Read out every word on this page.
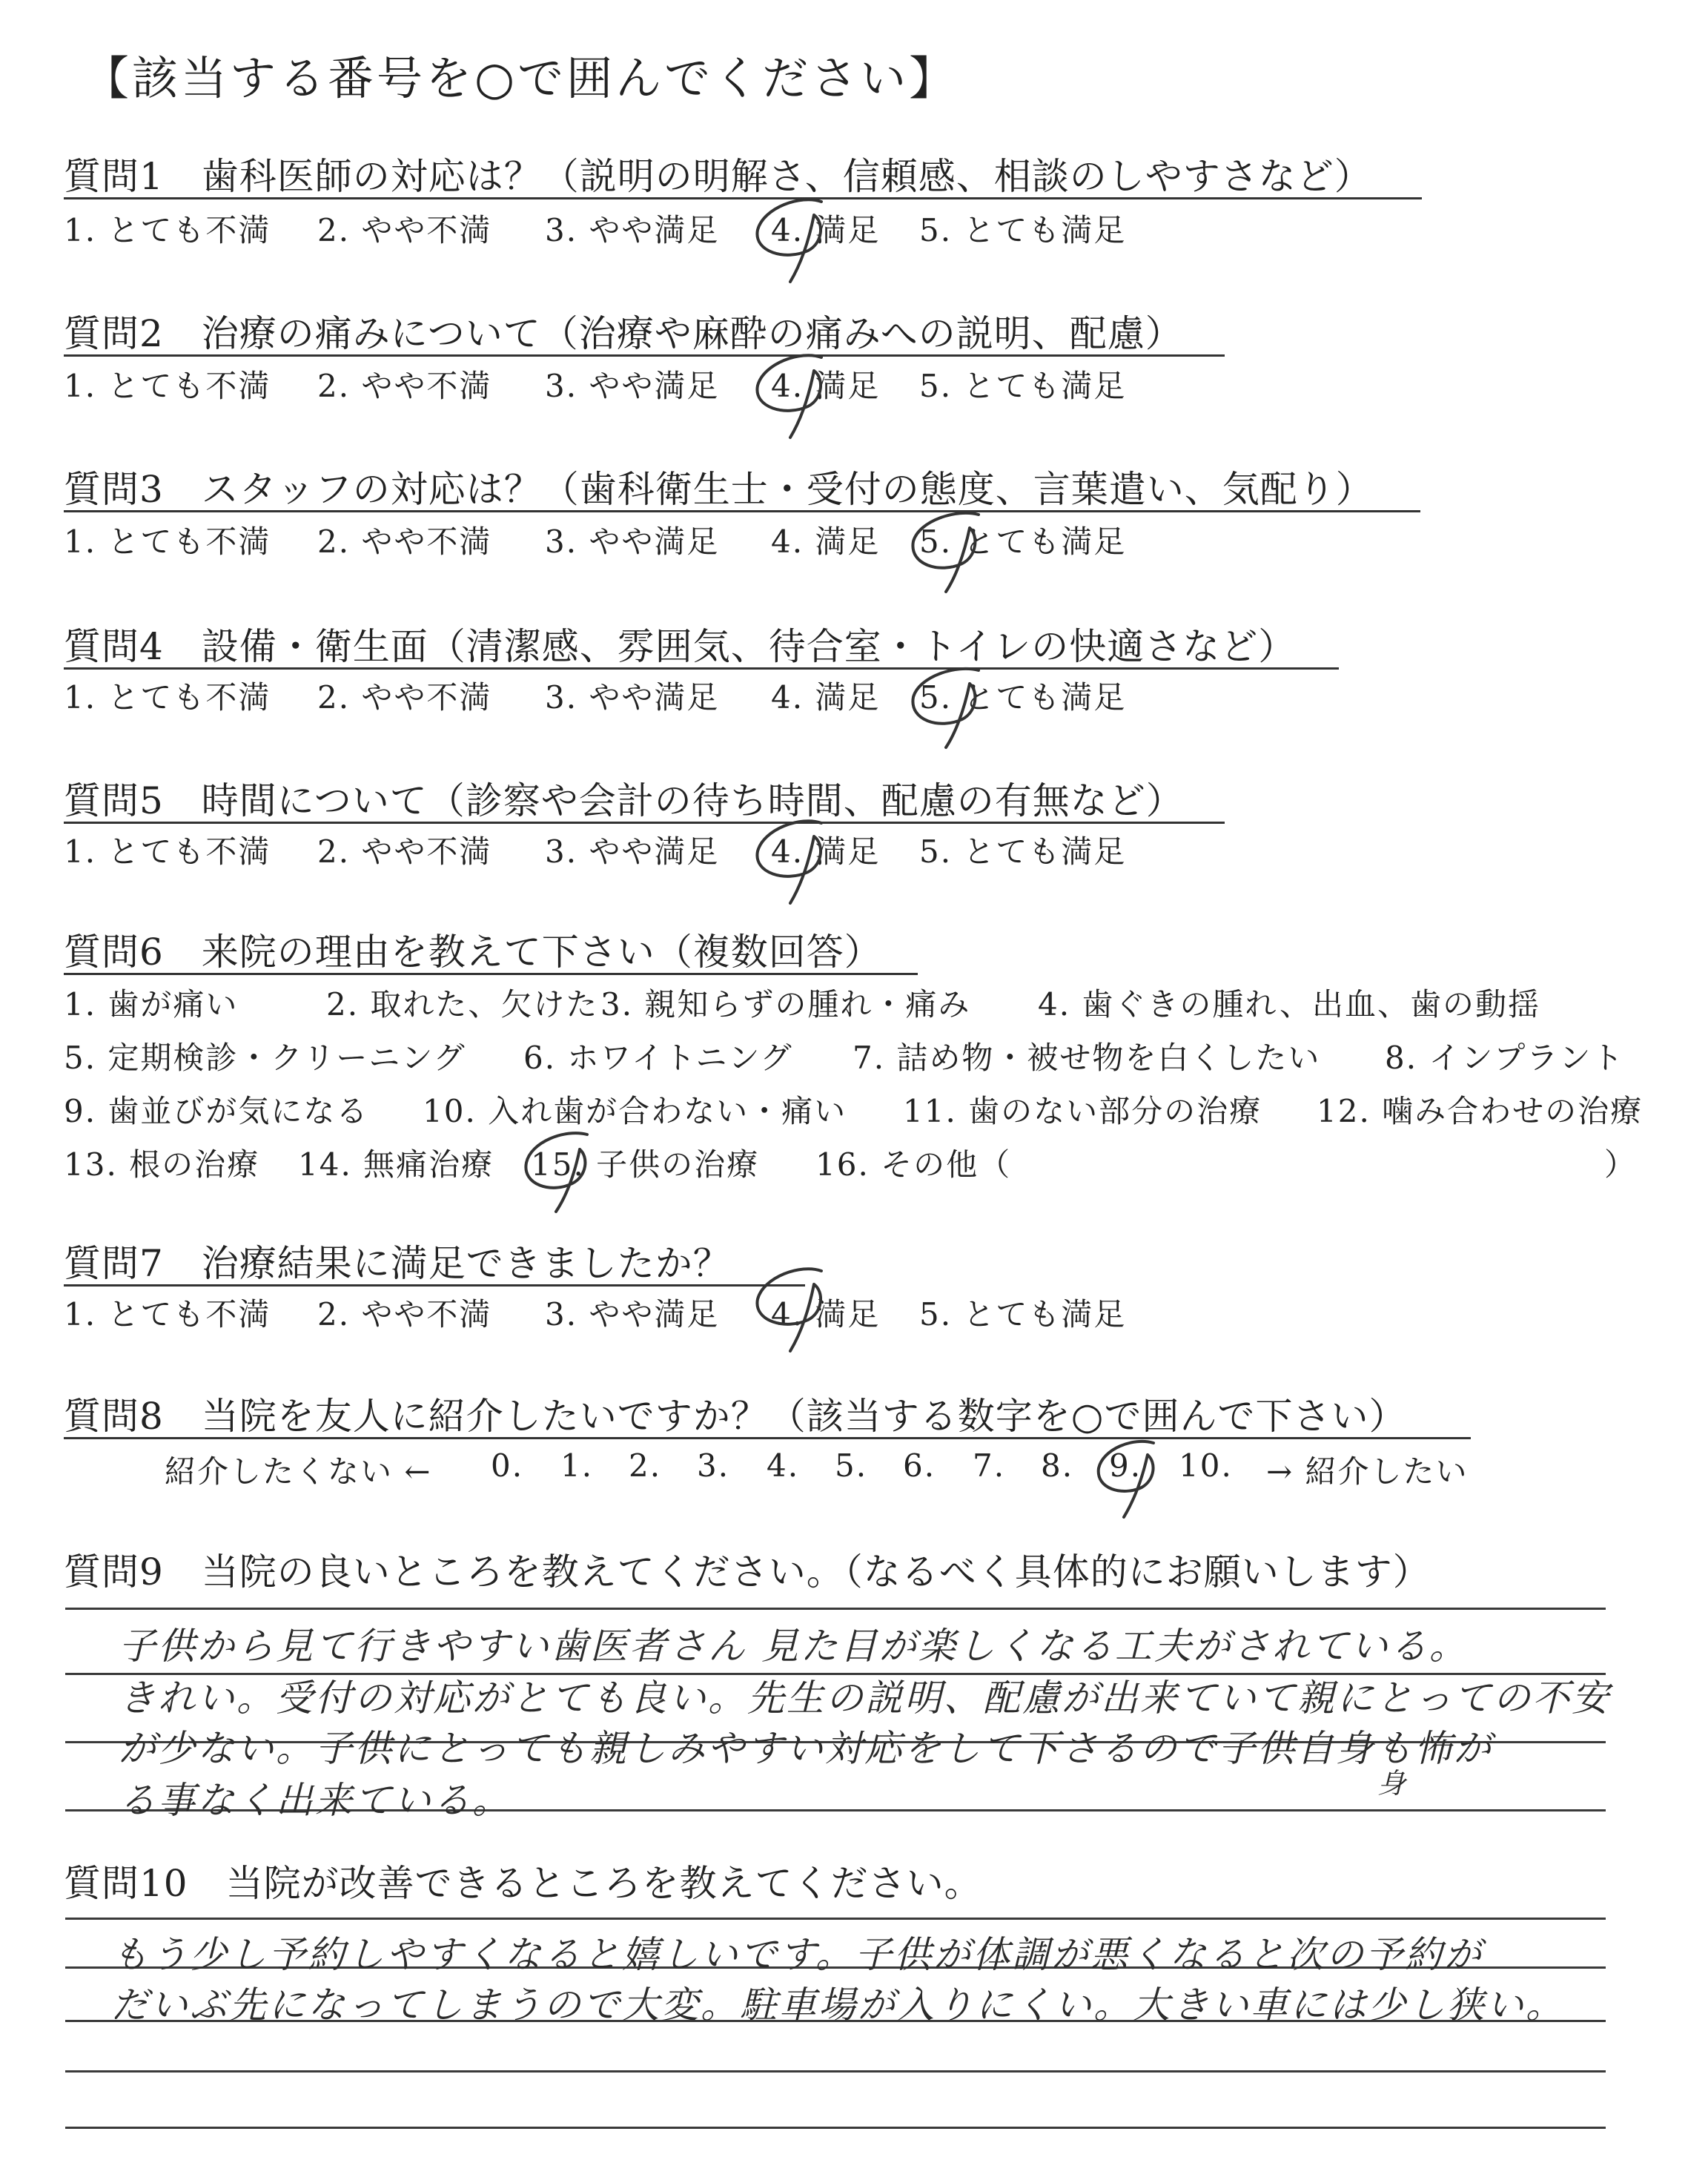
【該当する番号を○で囲んでください】
質問1　歯科医師の対応は？（説明の明解さ、信頼感、相談のしやすさなど）
1. とても不満 2. やや不満 3. やや満足 4. 満足 5. とても満足
質問2　治療の痛みについて（治療や麻酔の痛みへの説明、配慮）
1. とても不満 2. やや不満 3. やや満足 4. 満足 5. とても満足
質問3　スタッフの対応は？（歯科衛生士・受付の態度、言葉遣い、気配り）
1. とても不満 2. やや不満 3. やや満足 4. 満足 5. とても満足
質問4　設備・衛生面（清潔感、雰囲気、待合室・トイレの快適さなど）
1. とても不満 2. やや不満 3. やや満足 4. 満足 5. とても満足
質問5　時間について（診察や会計の待ち時間、配慮の有無など）
1. とても不満 2. やや不満 3. やや満足 4. 満足 5. とても満足
質問6　来院の理由を教えて下さい（複数回答）
1. 歯が痛い	2. 取れた、欠けた 3. 親知らずの腫れ・痛み 4. 歯ぐきの腫れ、出血、歯の動揺
5. 定期検診・クリーニング 6. ホワイトニング 7. 詰め物・被せ物を白くしたい 8. インプラント
9. 歯並びが気になる 10. 入れ歯が合わない・痛い 11. 歯のない部分の治療 12. 噛み合わせの治療
13. 根の治療 14. 無痛治療 15. 子供の治療 16. その他（	）
質問7　治療結果に満足できましたか？
1. とても不満 2. やや不満 3. やや満足 4. 満足 5. とても満足
質問8　当院を友人に紹介したいですか？（該当する数字を○で囲んで下さい）
紹介したくない ← 0. 1. 2. 3. 4. 5. 6. 7. 8. 9. 10. → 紹介したい
質問9　当院の良いところを教えてください。（なるべく具体的にお願いします）
子供から見て行きやすい歯医者さん 見た目が楽しくなる工夫がされている。
きれい。受付の対応がとても良い。先生の説明、配慮が出来ていて親にとっての不安
が少ない。子供にとっても親しみやすい対応をして下さるので子供自身も怖が
る事なく出来ている。	身
質問10　当院が改善できるところを教えてください。
もう少し予約しやすくなると嬉しいです。子供が体調が悪くなると次の予約が
だいぶ先になってしまうので大変。駐車場が入りにくい。大きい車には少し狭い。
